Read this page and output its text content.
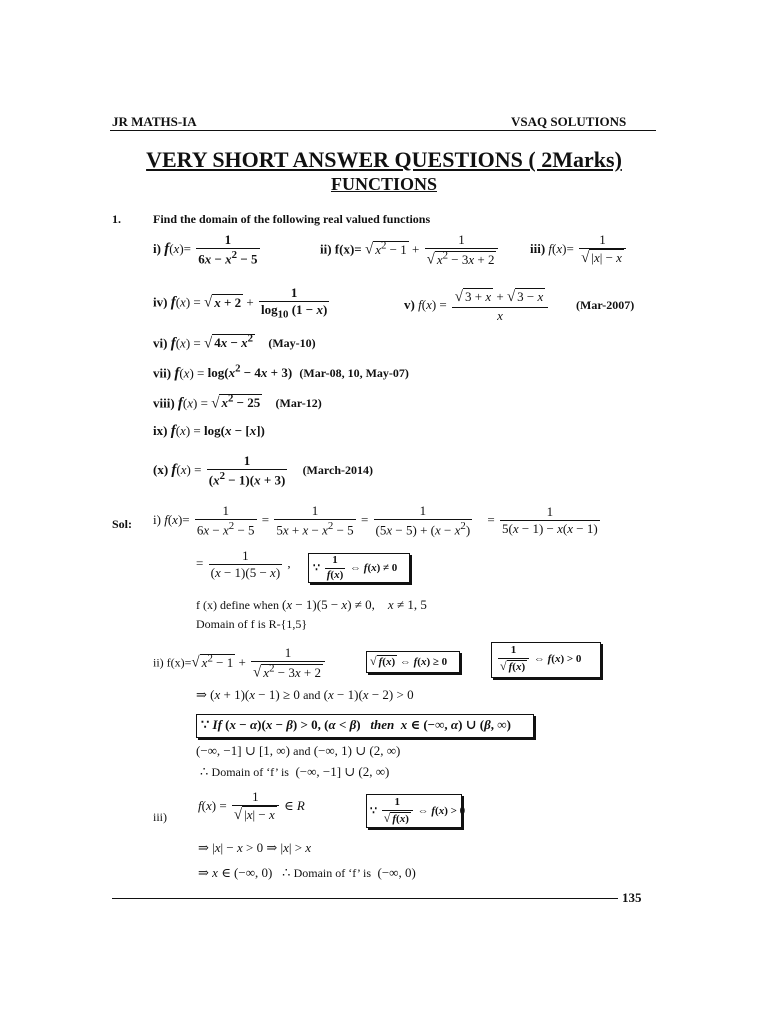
JR MATHS-IA	VSAQ SOLUTIONS
VERY SHORT ANSWER QUESTIONS ( 2Marks)
FUNCTIONS
1.	Find the domain of the following real valued functions
i) $f(x)= \frac{1}{6x - x^2 - 5}$	ii) f(x)= √ $x^2 - 1 + \frac{1}{√ x^2 - 3x + 2} iii$) $f(x)= \frac{1}{√ |x| - x}$
iv) f(x) = √ $x + 2 + \frac{1}{\log_{10} (1 - x)}$	v) $f(x) = \frac{√ 3 + x + √ 3 - x}{x} (Mar-2007)$
vi) f(x) = √ $4x - x^2$ (May-10)
vii) $f(x) = \log(x^2 - 4x + 3)$ (Mar-08, 10, May-07)
viii) f(x) = √ $x^2 - 25$ (Mar-12)
ix) f(x) = log(x − [x])
(x) $f(x) = \frac{1}{(x^2 - 1)(x + 3)}$ (March-2014)
Sol: i) $f(x)= \frac{1}{6x - x^2 - 5} = \frac{1}{5x + x - x^2 - 5} = \frac{1}{(5x - 5) + (x - x^2)} = \frac{1}{5(x - 1) - x(x - 1)}$
= $\frac{1}{(x - 1)(5 - x)}$ , ∵ $\frac{1}{f(x)}$ ⇔ f(x) ≠ 0
f (x) define when (x − 1)(5 − x) ≠ 0,    x ≠ 1, 5
Domain of f is R-{1,5}
ii) f(x)=√ $x^2 - 1 + \frac{1}{√ x^2 - 3x + 2}$	√ f(x) ⇔ f(x) ≥ 0	$\frac{1}{√ f(x)}$ ⇔ f(x) > 0
⇒ (x + 1)(x − 1) ≥ 0 and (x − 1)(x − 2) > 0
∵ If (x − α)(x − β) > 0, (α < β)   then x ∈ (−∞, α) ∪ (β, ∞)
(−∞, −1] ∪ [1, ∞) and (−∞, 1) ∪ (2, ∞)
∴ Domain of ‘f’ is  (−∞, −1] ∪ (2, ∞)
iii)
$f(x) = \frac{1}{√ |x| - x}$ ∈ R	∵ $\frac{1}{√ f(x)}$ ⇔ f(x) > 0
⇒ |x| − x > 0 ⇒ |x| > x
⇒ x ∈ (−∞, 0)   ∴ Domain of ‘f’ is  (−∞, 0)
135
